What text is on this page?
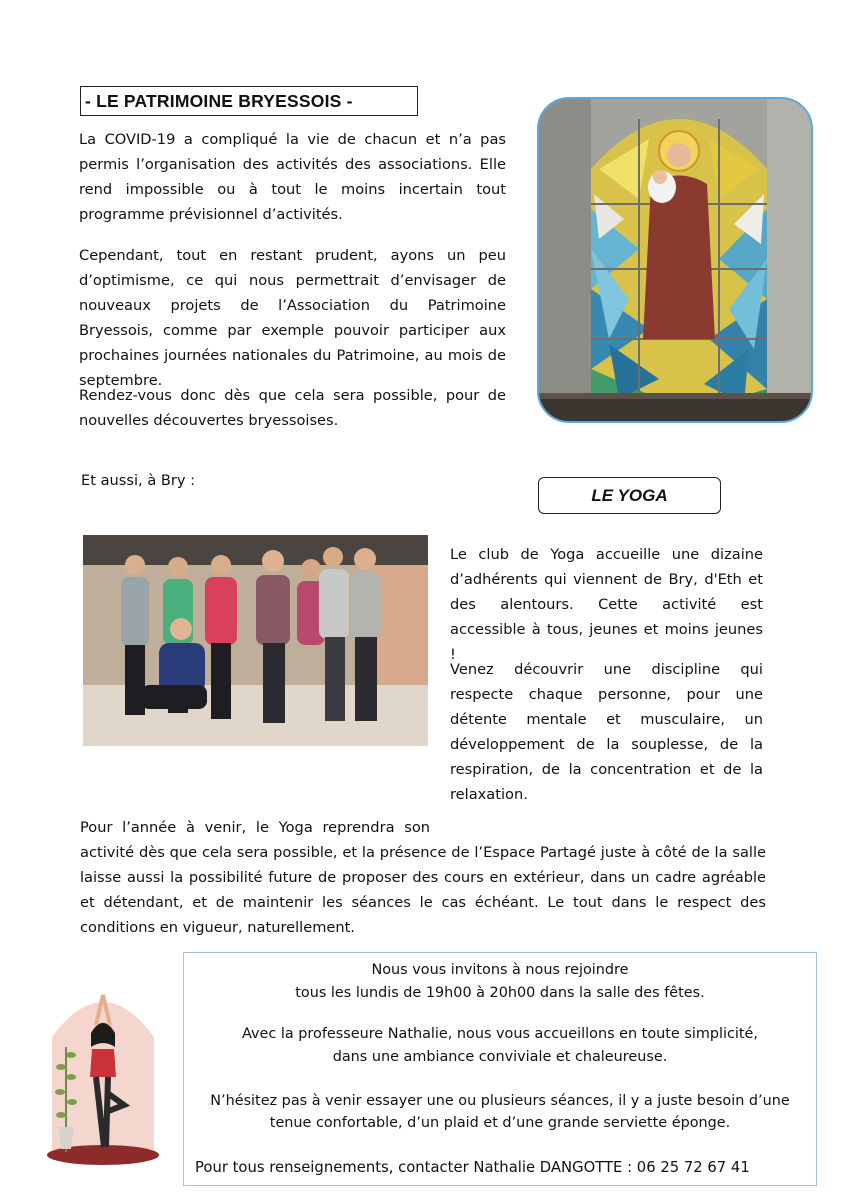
- LE PATRIMOINE BRYESSOIS -
La COVID-19 a compliqué la vie de chacun et n’a pas permis l’organisation des activités des associations. Elle rend impossible ou à tout le moins incertain tout programme prévisionnel d’activités.
Cependant, tout en restant prudent, ayons un peu d’optimisme, ce qui nous permettrait d’envisager de nouveaux projets de l’Association du Patrimoine Bryessois, comme par exemple pouvoir participer aux prochaines journées nationales du Patrimoine, au mois de septembre.
Rendez-vous donc dès que cela sera possible, pour de nouvelles découvertes bryessoises.
Et aussi, à Bry :
LE YOGA
Le club de Yoga accueille une dizaine d’adhérents qui viennent de Bry, d'Eth et des alentours. Cette activité est accessible à tous, jeunes et moins jeunes !
Venez découvrir une discipline qui respecte chaque personne, pour une détente mentale et musculaire, un développement de la souplesse, de la respiration, de la concentration et de la relaxation.
Pour l’année à venir, le Yoga reprendra son
activité dès que cela sera possible, et la présence de l’Espace Partagé juste à côté de la salle laisse aussi la possibilité future de proposer des cours en extérieur, dans un cadre agréable et détendant, et de maintenir les séances le cas échéant. Le tout dans le respect des conditions en vigueur, naturellement.
Nous vous invitons à nous rejoindre
tous les lundis de 19h00 à 20h00 dans la salle des fêtes.
Avec la professeure Nathalie, nous vous accueillons en toute simplicité,
dans une ambiance conviviale et chaleureuse.
N’hésitez pas à venir essayer une ou plusieurs séances, il y a juste besoin d’une
tenue confortable, d’un plaid et d’une grande serviette éponge.
Pour tous renseignements, contacter Nathalie DANGOTTE : 06 25 72 67 41
